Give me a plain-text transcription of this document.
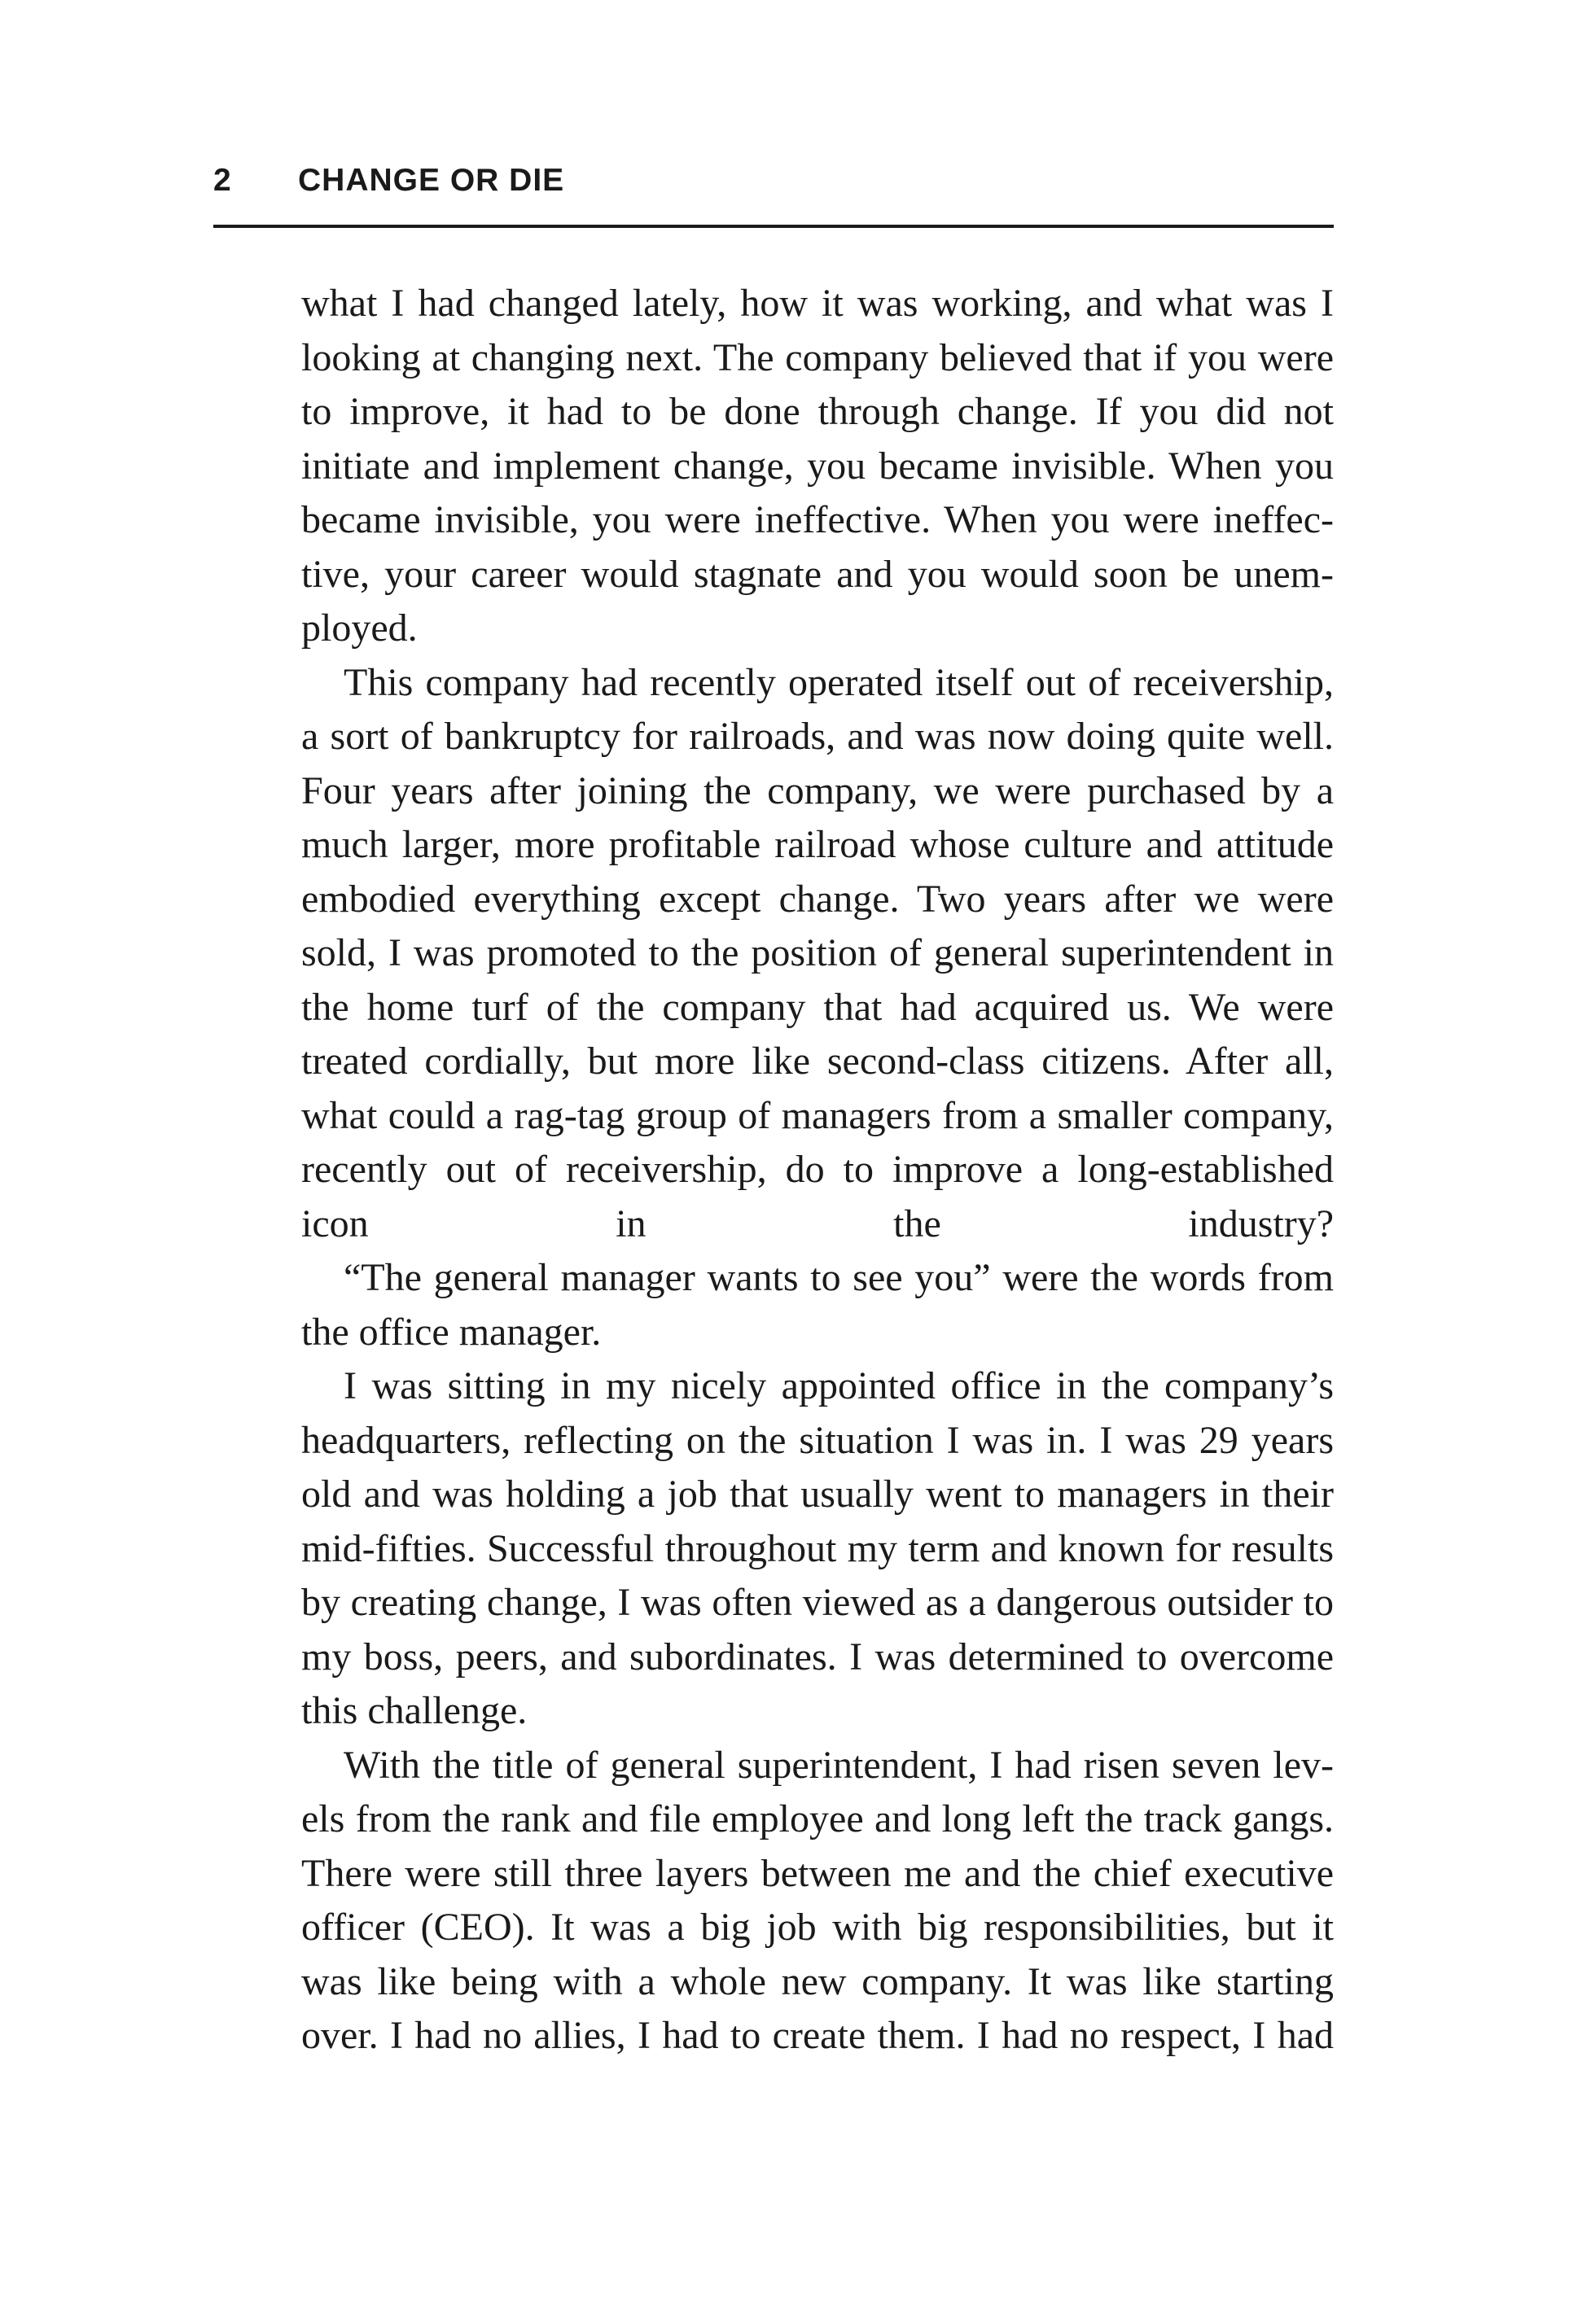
2 CHANGE OR DIE

what I had changed lately, how it was working, and what was I looking at changing next. The company believed that if you were to improve, it had to be done through change. If you did not initiate and implement change, you became invisible. When you became invisible, you were ineffective. When you were ineffective, your career would stagnate and you would soon be unemployed.

This company had recently operated itself out of receivership, a sort of bankruptcy for railroads, and was now doing quite well. Four years after joining the company, we were purchased by a much larger, more profitable railroad whose culture and attitude embodied everything except change. Two years after we were sold, I was promoted to the position of general superintendent in the home turf of the company that had acquired us. We were treated cordially, but more like second-class citizens. After all, what could a rag-tag group of managers from a smaller company, recently out of receivership, do to improve a long-established icon in the industry?

“The general manager wants to see you” were the words from the office manager.

I was sitting in my nicely appointed office in the company’s headquarters, reflecting on the situation I was in. I was 29 years old and was holding a job that usually went to managers in their mid-fifties. Successful throughout my term and known for results by creating change, I was often viewed as a dangerous outsider to my boss, peers, and subordinates. I was determined to overcome this challenge.

With the title of general superintendent, I had risen seven levels from the rank and file employee and long left the track gangs. There were still three layers between me and the chief executive officer (CEO). It was a big job with big responsibilities, but it was like being with a whole new company. It was like starting over. I had no allies, I had to create them. I had no respect, I had
